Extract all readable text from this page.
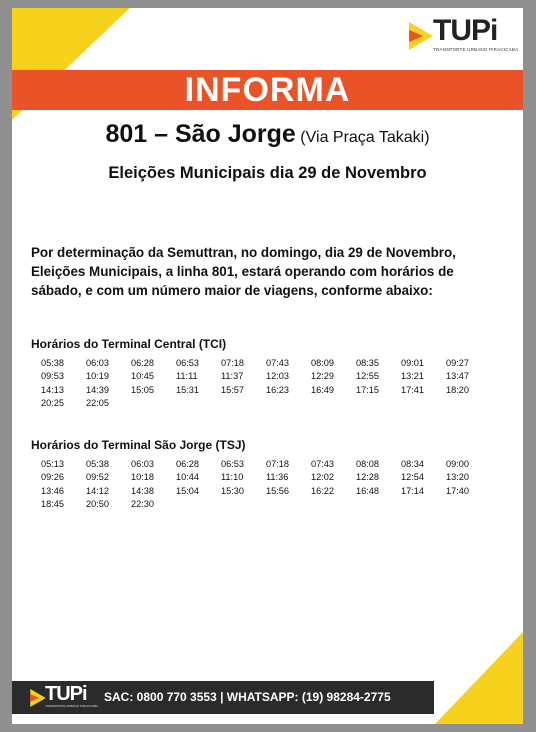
TUPi
TRANSPORTE URBANO PIRACICABA
INFORMA
801 – São Jorge (Via Praça Takaki)
Eleições Municipais dia 29 de Novembro

Por determinação da Semuttran, no domingo, dia 29 de Novembro,

Eleições Municipais, a linha 801, estará operando com horários de

sábado, e com um número maior de viagens, conforme abaixo:

Horários do Terminal Central (TCI)
05:38	06:03	06:28	06:53	07:18	07:43	08:09	08:35	09:01	09:27
09:53	10:19	10:45	11:11	11:37	12:03	12:29	12:55	13:21	13:47
14:13	14:39	15:05	15:31	15:57	16:23	16:49	17:15	17:41	18:20
20:25	22:05
Horários do Terminal São Jorge (TSJ)
05:13	05:38	06:03	06:28	06:53	07:18	07:43	08:08	08:34	09:00
09:26	09:52	10:18	10:44	11:10	11:36	12:02	12:28	12:54	13:20
13:46	14:12	14:38	15:04	15:30	15:56	16:22	16:48	17:14	17:40
18:45	20:50	22:30
TUPi
TRANSPORTE URBANO PIRACICABA
SAC: 0800 770 3553 | WHATSAPP: (19) 98284-2775
